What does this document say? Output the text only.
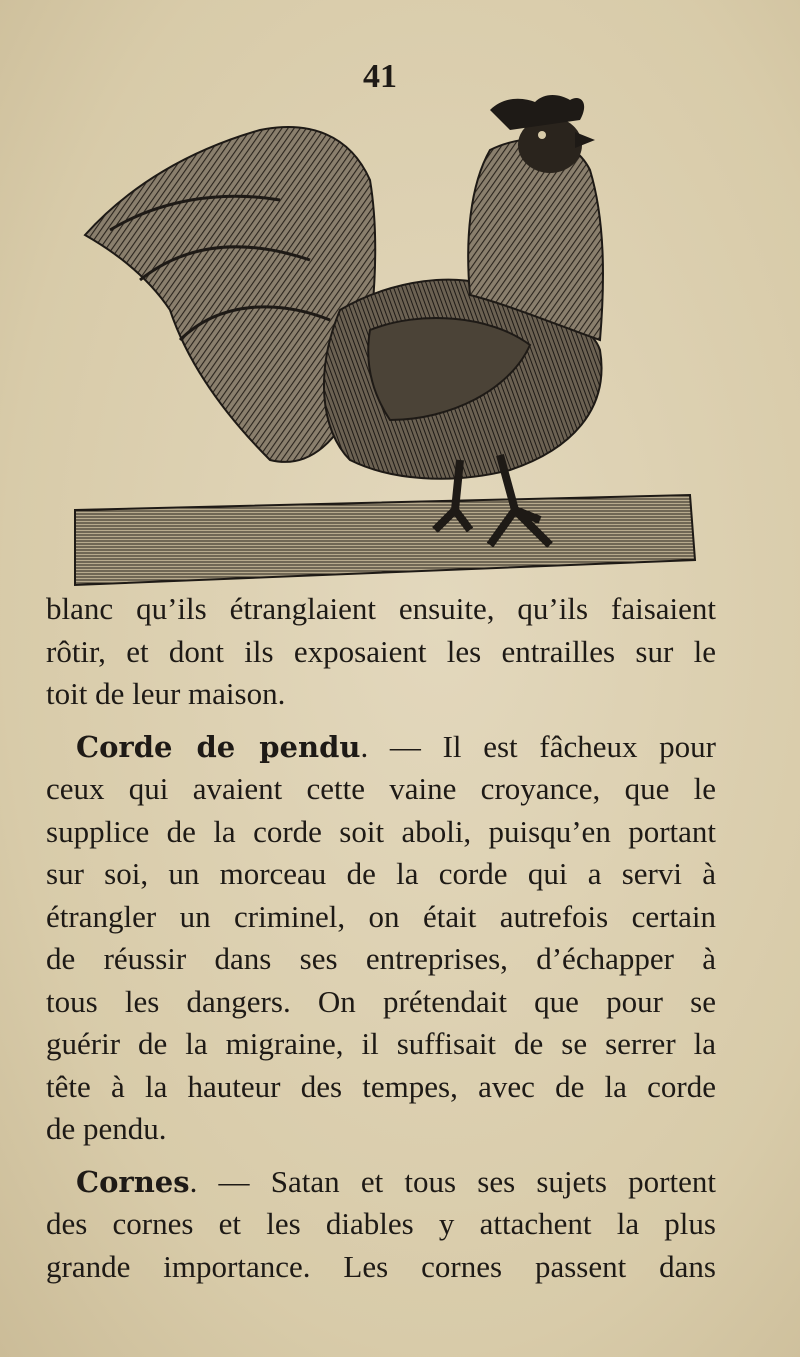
41
blanc qu’ils étranglaient ensuite, qu’ils faisaient
rôtir, et dont ils exposaient les entrailles sur le
toit de leur maison.
Corde de pendu. — Il est fâcheux pour
ceux qui avaient cette vaine croyance, que le
supplice de la corde soit aboli, puisqu’en portant
sur soi, un morceau de la corde qui a servi à
étrangler un criminel, on était autrefois certain
de réussir dans ses entreprises, d’échapper à
tous les dangers. On prétendait que pour se
guérir de la migraine, il suffisait de se serrer la
tête à la hauteur des tempes, avec de la corde
de pendu.
Cornes. — Satan et tous ses sujets portent
des cornes et les diables y attachent la plus
grande importance. Les cornes passent dans
